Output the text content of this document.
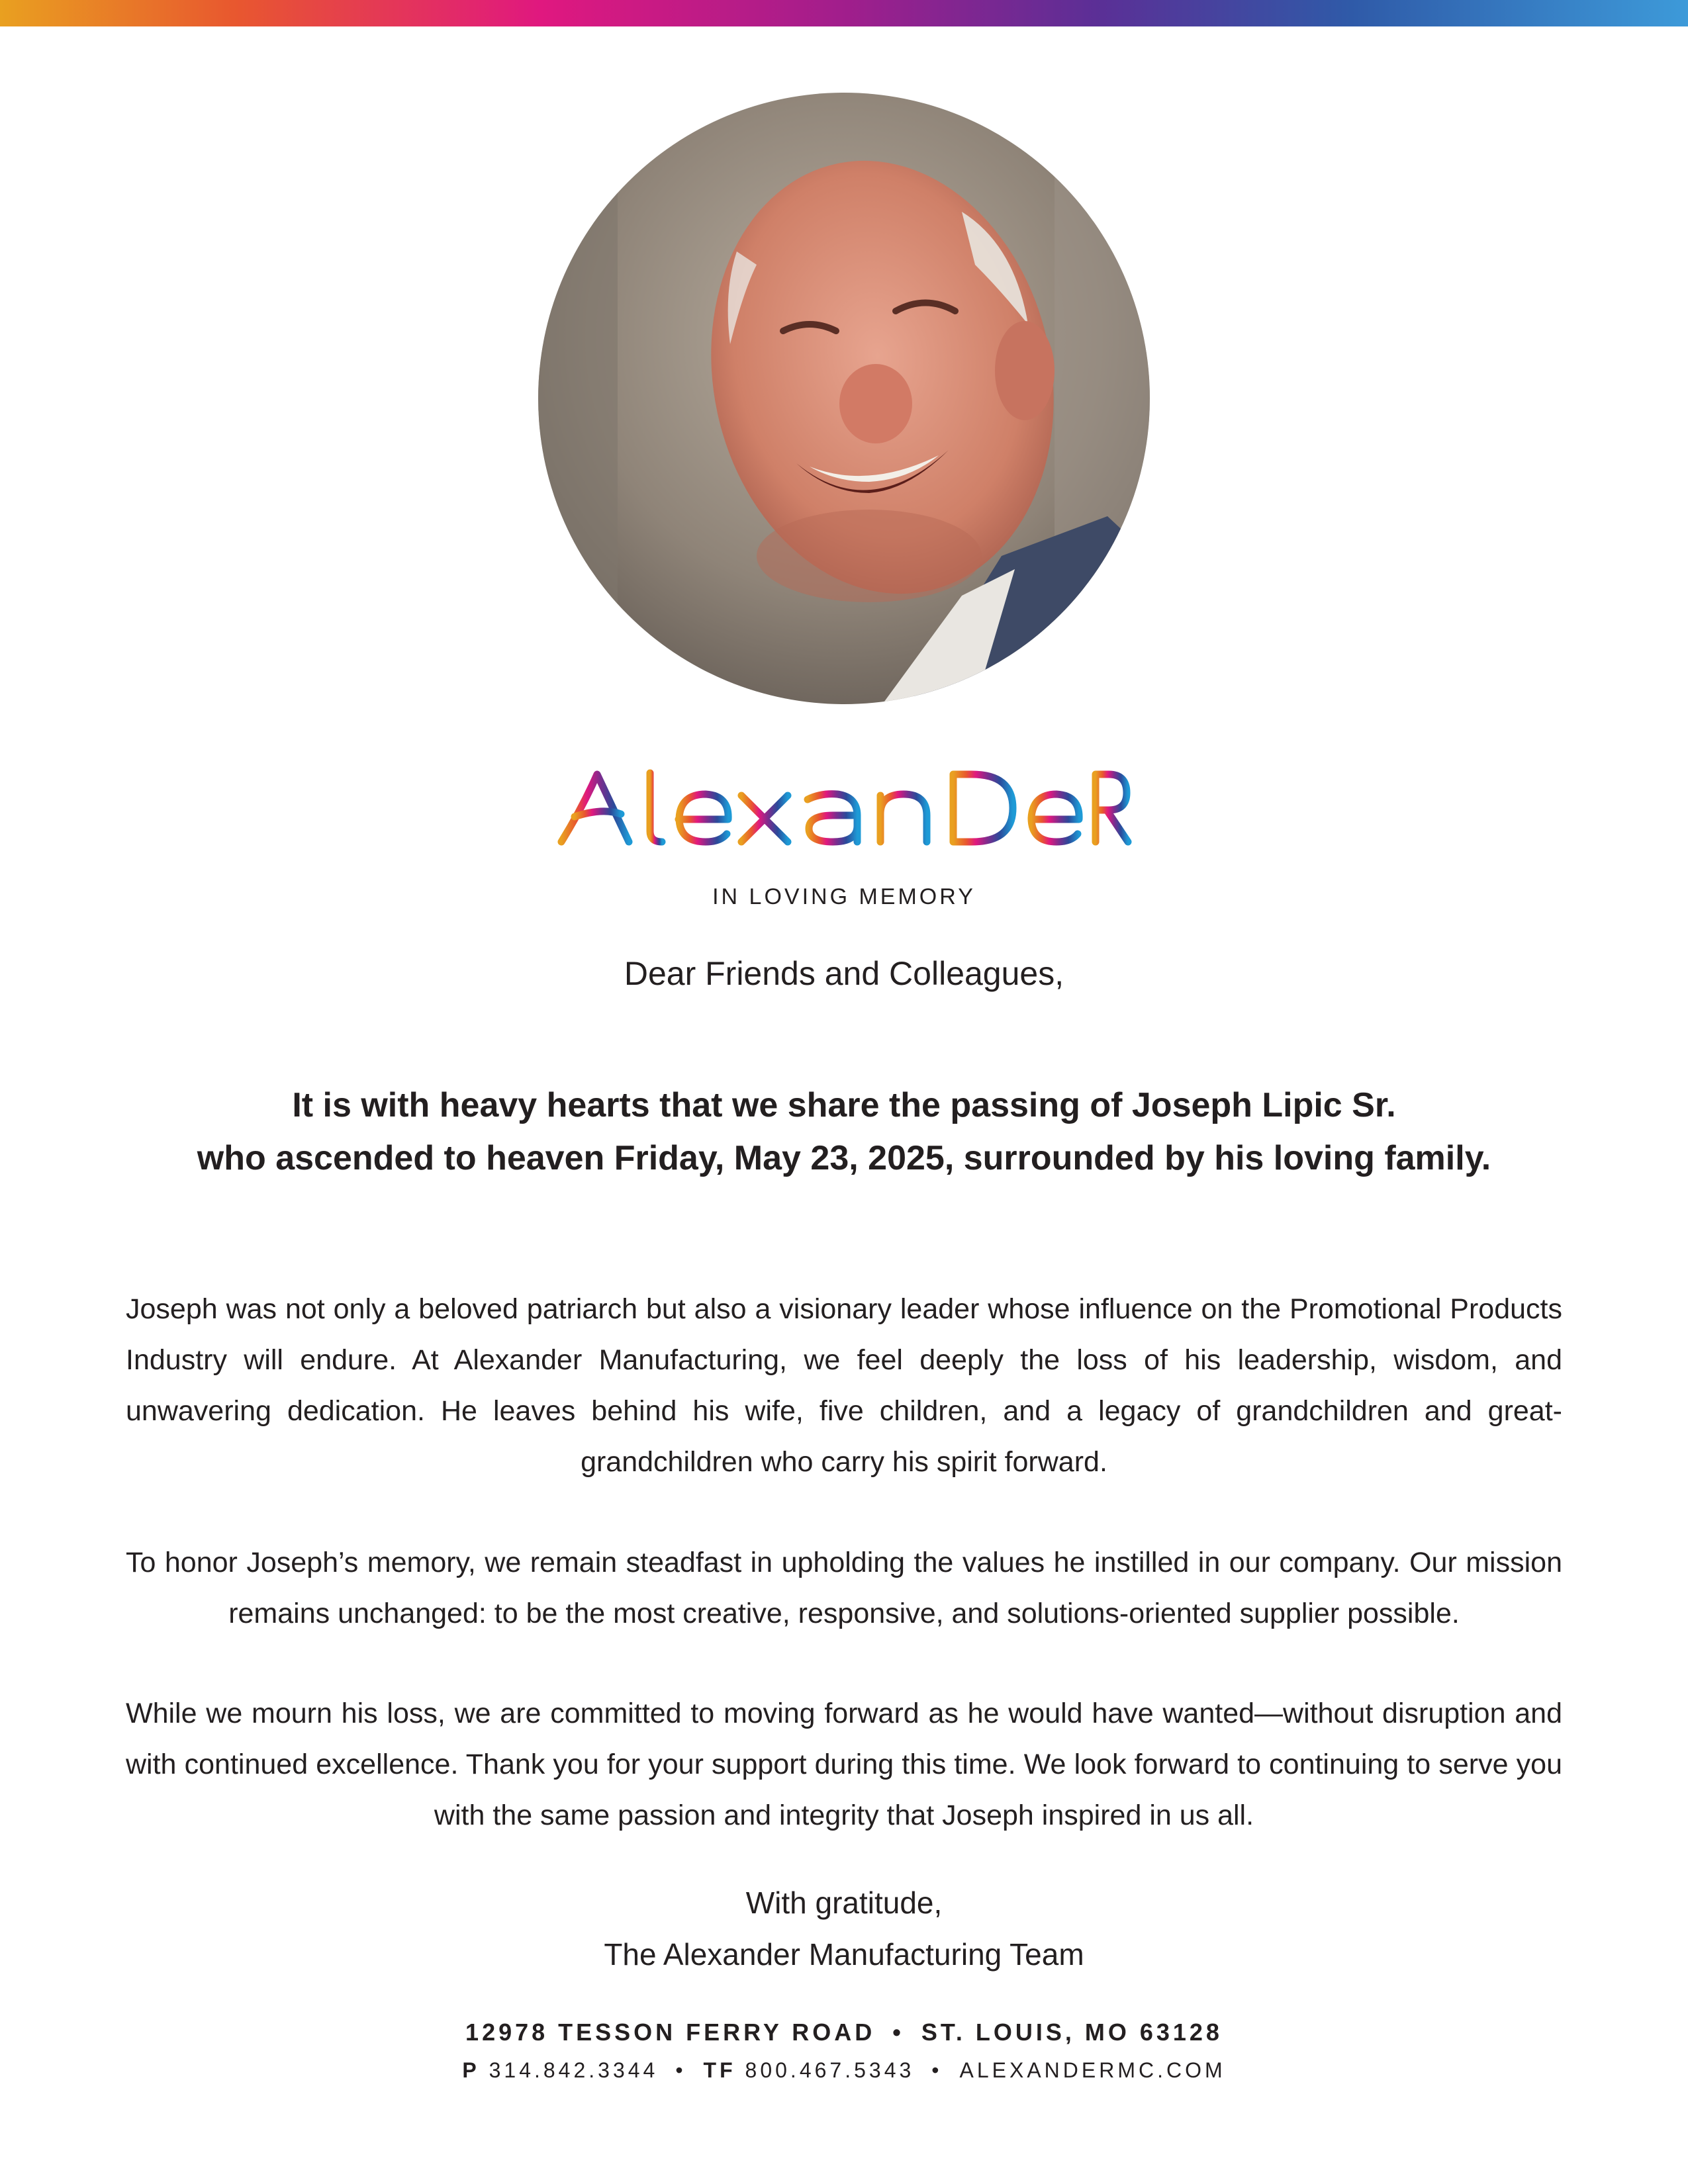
IN LOVING MEMORY
Dear Friends and Colleagues,
It is with heavy hearts that we share the passing of Joseph Lipic Sr.
who ascended to heaven Friday, May 23, 2025, surrounded by his loving family.
Joseph was not only a beloved patriarch but also a visionary leader whose influence on the Promotional Products Industry will endure. At Alexander Manufacturing, we feel deeply the loss of his leadership, wisdom, and unwavering dedication. He leaves behind his wife, five children, and a legacy of grandchildren and great-grandchildren who carry his spirit forward.
To honor Joseph’s memory, we remain steadfast in upholding the values he instilled in our company. Our mission remains unchanged: to be the most creative, responsive, and solutions-oriented supplier possible.
While we mourn his loss, we are committed to moving forward as he would have wanted—without disruption and with continued excellence. Thank you for your support during this time. We look forward to continuing to serve you with the same passion and integrity that Joseph inspired in us all.
With gratitude,
The Alexander Manufacturing Team
12978 TESSON FERRY ROAD • ST. LOUIS, MO 63128
P 314.842.3344 • TF 800.467.5343 • ALEXANDERMC.COM
